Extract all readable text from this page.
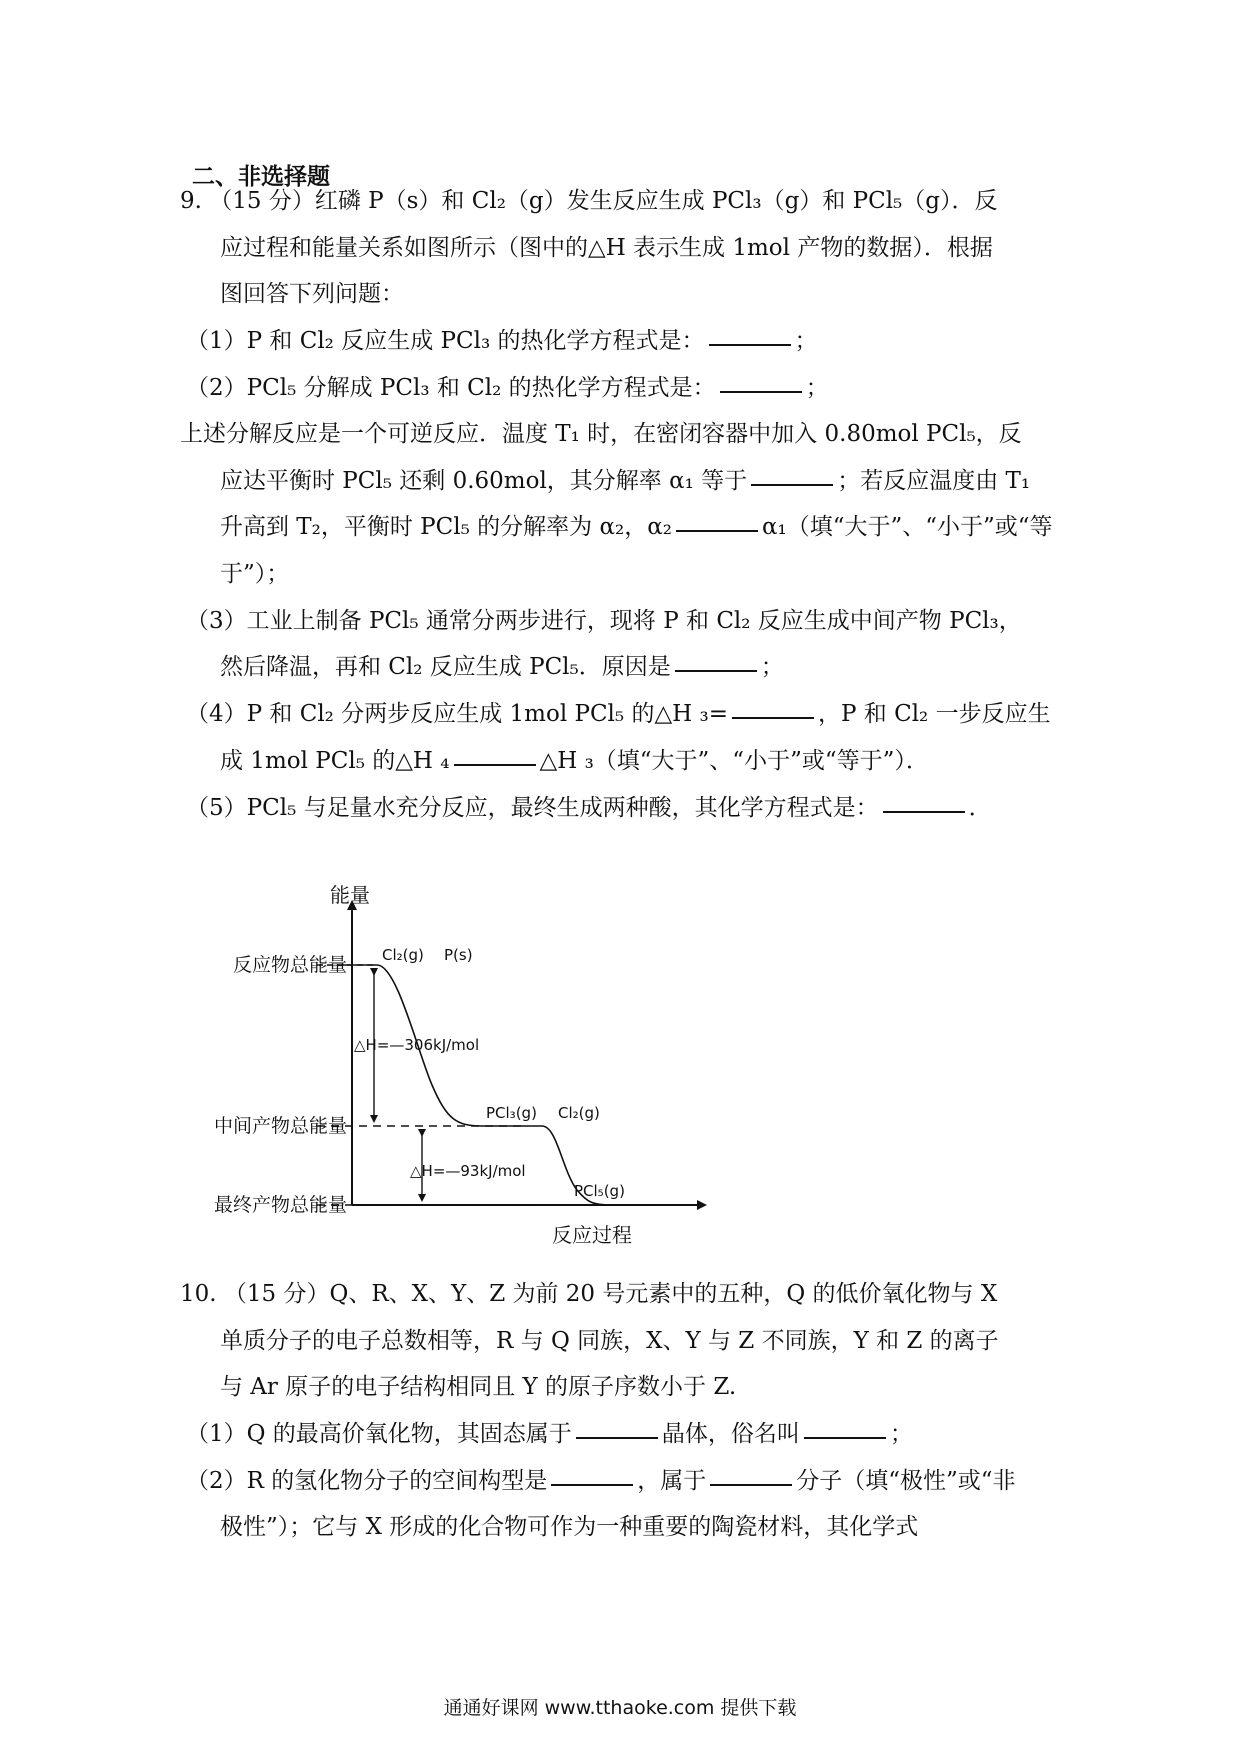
二、非选择题
9. （15 分）红磷 P（s）和 Cl₂（g）发生反应生成 PCl₃（g）和 PCl₅（g）．反
应过程和能量关系如图所示（图中的△H 表示生成 1mol 产物的数据）．根据
图回答下列问题：
（1）P 和 Cl₂ 反应生成 PCl₃ 的热化学方程式是：	；
（2）PCl₅ 分解成 PCl₃ 和 Cl₂ 的热化学方程式是：	；
上述分解反应是一个可逆反应．温度 T₁ 时，在密闭容器中加入 0.80mol PCl₅，反
应达平衡时 PCl₅ 还剩 0.60mol，其分解率 α₁ 等于	；若反应温度由 T₁
升高到 T₂，平衡时 PCl₅ 的分解率为 α₂，α₂	α₁（填“大于”、“小于”或“等
于”）；
（3）工业上制备 PCl₅ 通常分两步进行，现将 P 和 Cl₂ 反应生成中间产物 PCl₃，
然后降温，再和 Cl₂ 反应生成 PCl₅．原因是	；
（4）P 和 Cl₂ 分两步反应生成 1mol PCl₅ 的△H ₃=	，P 和 Cl₂ 一步反应生
成 1mol PCl₅ 的△H ₄	△H ₃（填“大于”、“小于”或“等于”）．
（5）PCl₅ 与足量水充分反应，最终生成两种酸，其化学方程式是：	．
能量
反应过程
反应物总能量
中间产物总能量
最终产物总能量
Cl₂(g) P(s)
PCl₃(g) Cl₂(g)
PCl₅(g)
△H=—306kJ/mol
△H=—93kJ/mol
10. （15 分）Q、R、X、Y、Z 为前 20 号元素中的五种，Q 的低价氧化物与 X
单质分子的电子总数相等，R 与 Q 同族，X、Y 与 Z 不同族，Y 和 Z 的离子
与 Ar 原子的电子结构相同且 Y 的原子序数小于 Z.
（1）Q 的最高价氧化物，其固态属于	晶体，俗名叫	；
（2）R 的氢化物分子的空间构型是	，属于	分子（填“极性”或“非
极性”）；它与 X 形成的化合物可作为一种重要的陶瓷材料，其化学式
通通好课网 www.tthaoke.com 提供下载
